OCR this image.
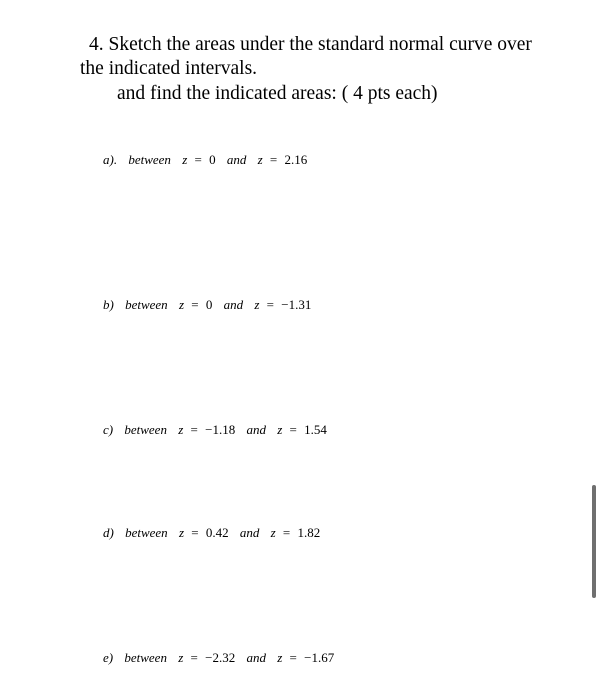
4. Sketch the areas under the standard normal curve over
the indicated intervals.
and find the indicated areas: ( 4 pts each)
a). between z = 0 and z = 2.16
b) between z = 0 and z = −1.31
c) between z = −1.18 and z = 1.54
d) between z = 0.42 and z = 1.82
e) between z = −2.32 and z = −1.67
